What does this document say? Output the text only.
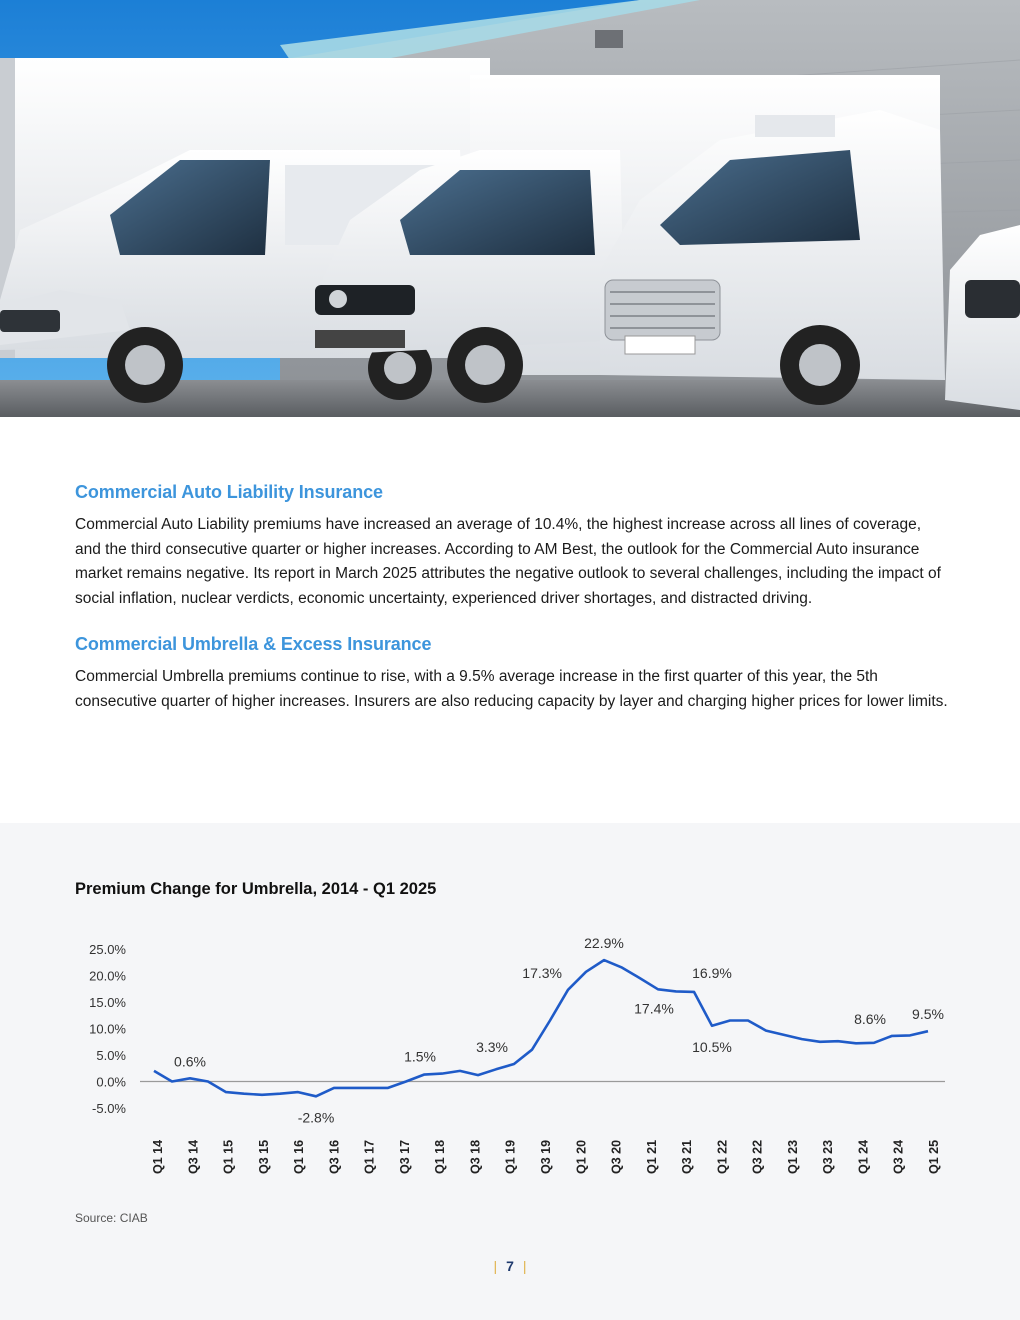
Commercial Auto Liability Insurance

Commercial Auto Liability premiums have increased an average of 10.4%, the highest increase across all lines of coverage, and the third consecutive quarter or higher increases. According to AM Best, the outlook for the Commercial Auto insurance market remains negative. Its report in March 2025 attributes the negative outlook to several challenges, including the impact of social inflation, nuclear verdicts, economic uncertainty, experienced driver shortages, and distracted driving.

Commercial Umbrella & Excess Insurance

Commercial Umbrella premiums continue to rise, with a 9.5% average increase in the first quarter of this year, the 5th consecutive quarter of higher increases. Insurers are also reducing capacity by layer and charging higher prices for lower limits.

Premium Change for Umbrella, 2014 - Q1 2025
25.0%
20.0%
15.0%
10.0%
5.0%
0.0%
-5.0%
Q1 14 Q3 14 Q1 15 Q3 15 Q1 16 Q3 16 Q1 17 Q3 17 Q1 18 Q3 18 Q1 19 Q3 19 Q1 20 Q3 20 Q1 21 Q3 21 Q1 22 Q3 22 Q1 23 Q3 23 Q1 24 Q3 24 Q1 25
0.6%
-2.8%
1.5%
3.3%
17.3%
22.9%
17.4%
16.9%
10.5%
8.6% 9.5%
Source: CIAB
| 7 |
